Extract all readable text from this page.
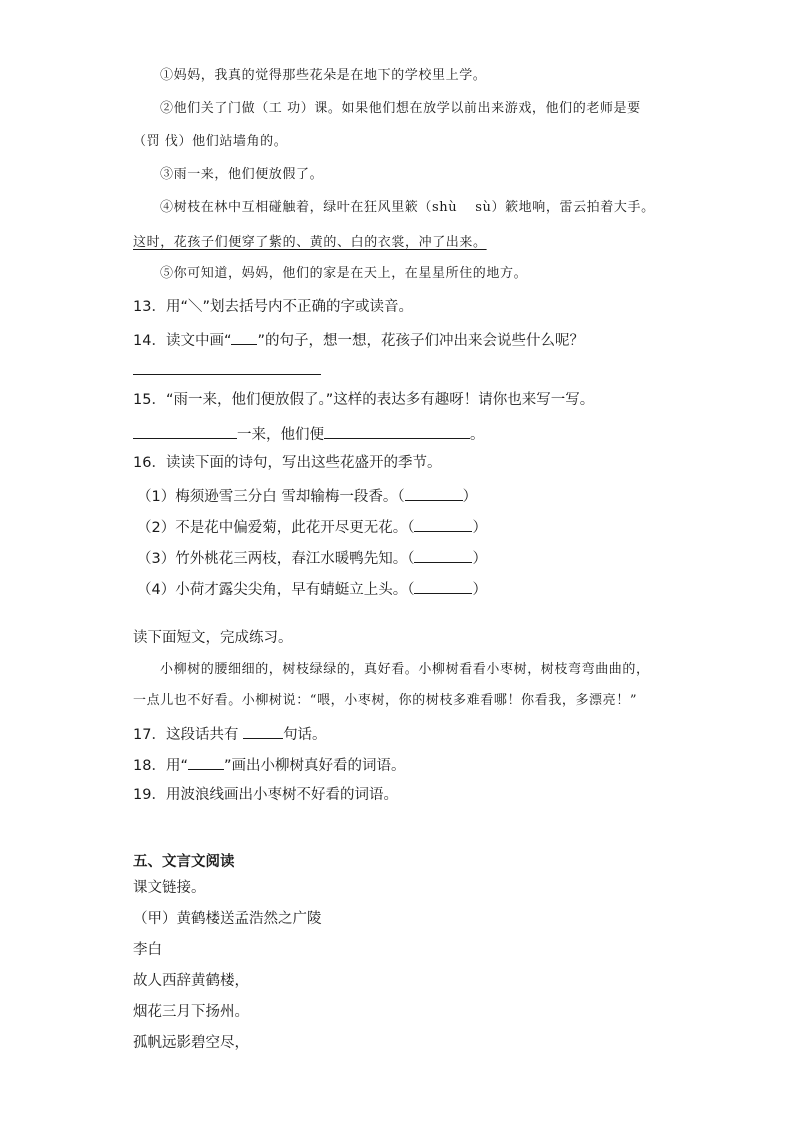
①妈妈，我真的觉得那些花朵是在地下的学校里上学。
②他们关了门做（工 功）课。如果他们想在放学以前出来游戏，他们的老师是要
（罚 伐）他们站墙角的。
③雨一来，他们便放假了。
④树枝在林中互相碰触着，绿叶在狂风里簌（shù sù）簌地响，雷云拍着大手。
这时，花孩子们便穿了紫的、黄的、白的衣裳，冲了出来。
⑤你可知道，妈妈，他们的家是在天上，在星星所住的地方。
13．用“＼”划去括号内不正确的字或读音。
14．读文中画“ ”的句子，想一想，花孩子们冲出来会说些什么呢？
15．“雨一来，他们便放假了。”这样的表达多有趣呀！请你也来写一写。
一来，他们便	。
16．读读下面的诗句，写出这些花盛开的季节。
（1）梅须逊雪三分白 雪却输梅一段香。（	）
（2）不是花中偏爱菊，此花开尽更无花。（	）
（3）竹外桃花三两枝，春江水暖鸭先知。（	）
（4）小荷才露尖尖角，早有蜻蜓立上头。（	）
读下面短文，完成练习。
小柳树的腰细细的，树枝绿绿的，真好看。小柳树看看小枣树，树枝弯弯曲曲的，
一点儿也不好看。小柳树说：“喂，小枣树，你的树枝多难看哪！你看我，多漂亮！”
17．这段话共有	句话。
18．用“ ”画出小柳树真好看的词语。
19．用波浪线画出小枣树不好看的词语。
五、文言文阅读
课文链接。
（甲）黄鹤楼送孟浩然之广陵
李白
故人西辞黄鹤楼，
烟花三月下扬州。
孤帆远影碧空尽，
